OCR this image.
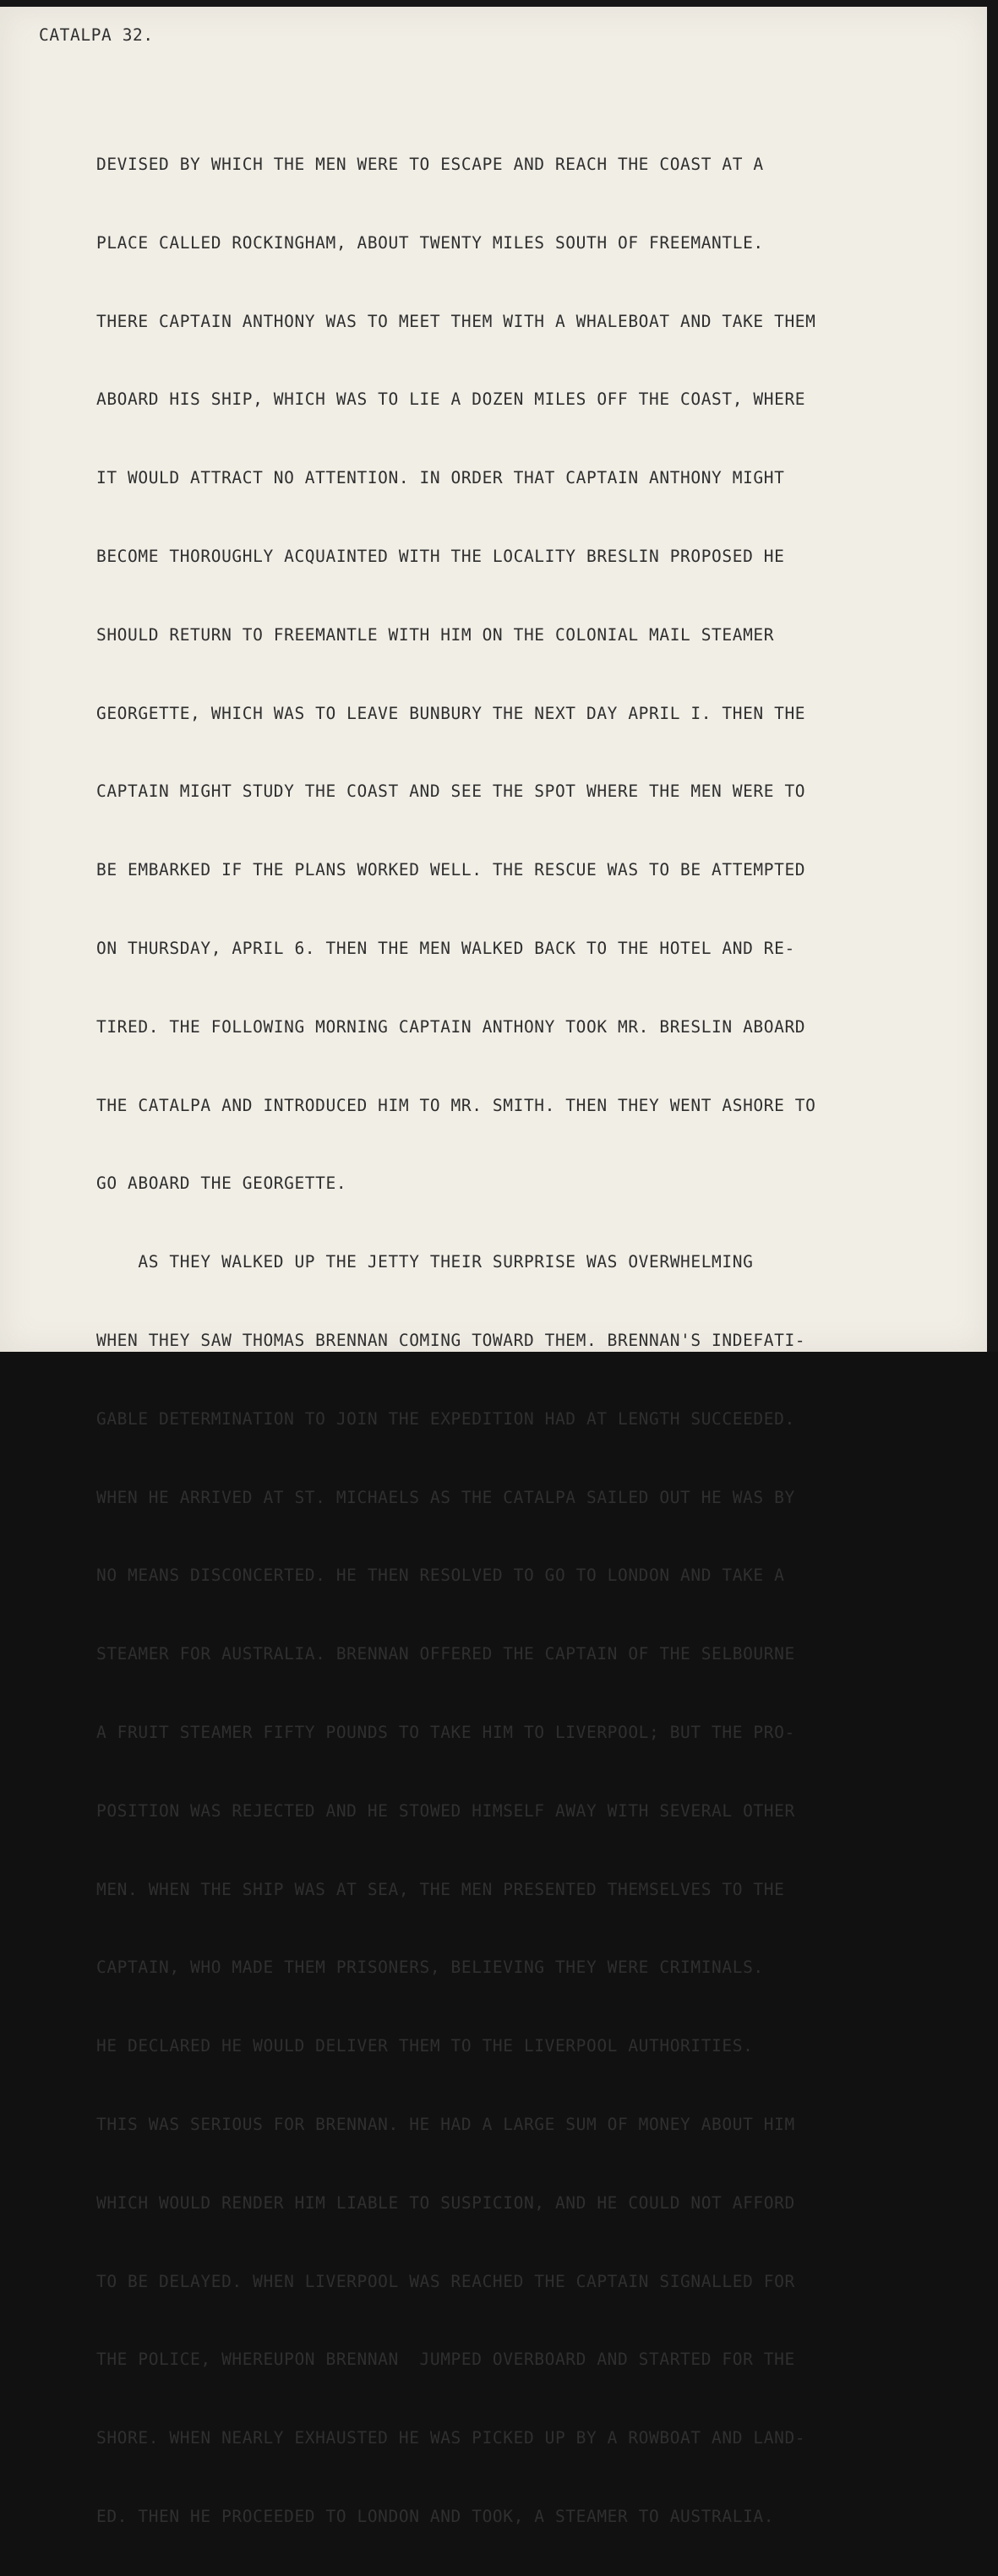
CATALPA 32.

DEVISED BY WHICH THE MEN WERE TO ESCAPE AND REACH THE COAST AT A

PLACE CALLED ROCKINGHAM, ABOUT TWENTY MILES SOUTH OF FREEMANTLE.

THERE CAPTAIN ANTHONY WAS TO MEET THEM WITH A WHALEBOAT AND TAKE THEM

ABOARD HIS SHIP, WHICH WAS TO LIE A DOZEN MILES OFF THE COAST, WHERE

IT WOULD ATTRACT NO ATTENTION. IN ORDER THAT CAPTAIN ANTHONY MIGHT

BECOME THOROUGHLY ACQUAINTED WITH THE LOCALITY BRESLIN PROPOSED HE

SHOULD RETURN TO FREEMANTLE WITH HIM ON THE COLONIAL MAIL STEAMER

GEORGETTE, WHICH WAS TO LEAVE BUNBURY THE NEXT DAY APRIL I. THEN THE

CAPTAIN MIGHT STUDY THE COAST AND SEE THE SPOT WHERE THE MEN WERE TO

BE EMBARKED IF THE PLANS WORKED WELL. THE RESCUE WAS TO BE ATTEMPTED

ON THURSDAY, APRIL 6. THEN THE MEN WALKED BACK TO THE HOTEL AND RE-

TIRED. THE FOLLOWING MORNING CAPTAIN ANTHONY TOOK MR. BRESLIN ABOARD

THE CATALPA AND INTRODUCED HIM TO MR. SMITH. THEN THEY WENT ASHORE TO

GO ABOARD THE GEORGETTE.

AS THEY WALKED UP THE JETTY THEIR SURPRISE WAS OVERWHELMING

WHEN THEY SAW THOMAS BRENNAN COMING TOWARD THEM. BRENNAN'S INDEFATI-

GABLE DETERMINATION TO JOIN THE EXPEDITION HAD AT LENGTH SUCCEEDED.

WHEN HE ARRIVED AT ST. MICHAELS AS THE CATALPA SAILED OUT HE WAS BY

NO MEANS DISCONCERTED. HE THEN RESOLVED TO GO TO LONDON AND TAKE A

STEAMER FOR AUSTRALIA. BRENNAN OFFERED THE CAPTAIN OF THE SELBOURNE

A FRUIT STEAMER FIFTY POUNDS TO TAKE HIM TO LIVERPOOL; BUT THE PRO-

POSITION WAS REJECTED AND HE STOWED HIMSELF AWAY WITH SEVERAL OTHER

MEN. WHEN THE SHIP WAS AT SEA, THE MEN PRESENTED THEMSELVES TO THE

CAPTAIN, WHO MADE THEM PRISONERS, BELIEVING THEY WERE CRIMINALS.

HE DECLARED HE WOULD DELIVER THEM TO THE LIVERPOOL AUTHORITIES.

THIS WAS SERIOUS FOR BRENNAN. HE HAD A LARGE SUM OF MONEY ABOUT HIM

WHICH WOULD RENDER HIM LIABLE TO SUSPICION, AND HE COULD NOT AFFORD

TO BE DELAYED. WHEN LIVERPOOL WAS REACHED THE CAPTAIN SIGNALLED FOR

THE POLICE, WHEREUPON BRENNAN  JUMPED OVERBOARD AND STARTED FOR THE

SHORE. WHEN NEARLY EXHAUSTED HE WAS PICKED UP BY A ROWBOAT AND LAND-

ED. THEN HE PROCEEDED TO LONDON AND TOOK, A STEAMER TO AUSTRALIA.
